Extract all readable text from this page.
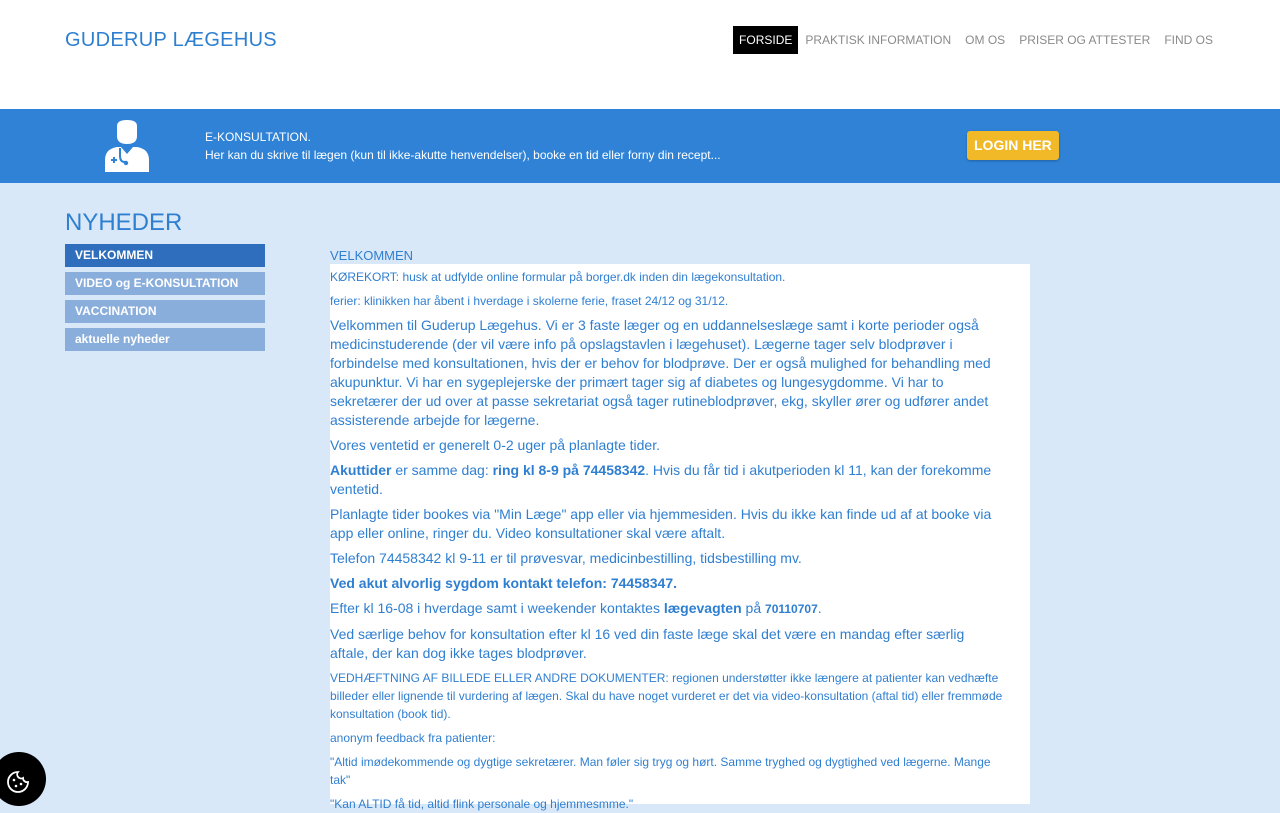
GUDERUP LÆGEHUS	FORSIDE	PRAKTISK INFORMATION	OM OS	PRISER OG ATTESTER	FIND OS
E-KONSULTATION.
Her kan du skrive til lægen (kun til ikke-akutte henvendelser), booke en tid eller forny din recept...
LOGIN HER
NYHEDER
VELKOMMEN
VIDEO og E-KONSULTATION
VACCINATION
aktuelle nyheder
VELKOMMEN

KØREKORT: husk at udfylde online formular på borger.dk inden din lægekonsultation.

ferier: klinikken har åbent i hverdage i skolerne ferie, fraset 24/12 og 31/12.

Velkommen til Guderup Lægehus. Vi er 3 faste læger og en uddannelseslæge samt i korte perioder også medicinstuderende (der vil være info på opslagstavlen i lægehuset). Lægerne tager selv blodprøver i forbindelse med konsultationen, hvis der er behov for blodprøve. Der er også mulighed for behandling med akupunktur. Vi har en sygeplejerske der primært tager sig af diabetes og lungesygdomme. Vi har to sekretærer der ud over at passe sekretariat også tager rutineblodprøver, ekg, skyller ører og udfører andet assisterende arbejde for lægerne.

Vores ventetid er generelt 0-2 uger på planlagte tider.

Akuttider er samme dag: ring kl 8-9 på 74458342. Hvis du får tid i akutperioden kl 11, kan der forekomme ventetid.

Planlagte tider bookes via "Min Læge" app eller via hjemmesiden. Hvis du ikke kan finde ud af at booke via app eller online, ringer du. Video konsultationer skal være aftalt.

Telefon 74458342 kl 9-11 er til prøvesvar, medicinbestilling, tidsbestilling mv.

Ved akut alvorlig sygdom kontakt telefon: 74458347.

Efter kl 16-08 i hverdage samt i weekender kontaktes lægevagten på 70110707.

Ved særlige behov for konsultation efter kl 16 ved din faste læge skal det være en mandag efter særlig aftale, der kan dog ikke tages blodprøver.

VEDHÆFTNING AF BILLEDE ELLER ANDRE DOKUMENTER: regionen understøtter ikke længere at patienter kan vedhæfte billeder eller lignende til vurdering af lægen. Skal du have noget vurderet er det via video-konsultation (aftal tid) eller fremmøde konsultation (book tid).

anonym feedback fra patienter:

"Altid imødekommende og dygtige sekretærer. Man føler sig tryg og hørt. Samme tryghed og dygtighed ved lægerne. Mange tak"

"Kan ALTID få tid, altid flink personale og hjemmesmme."
